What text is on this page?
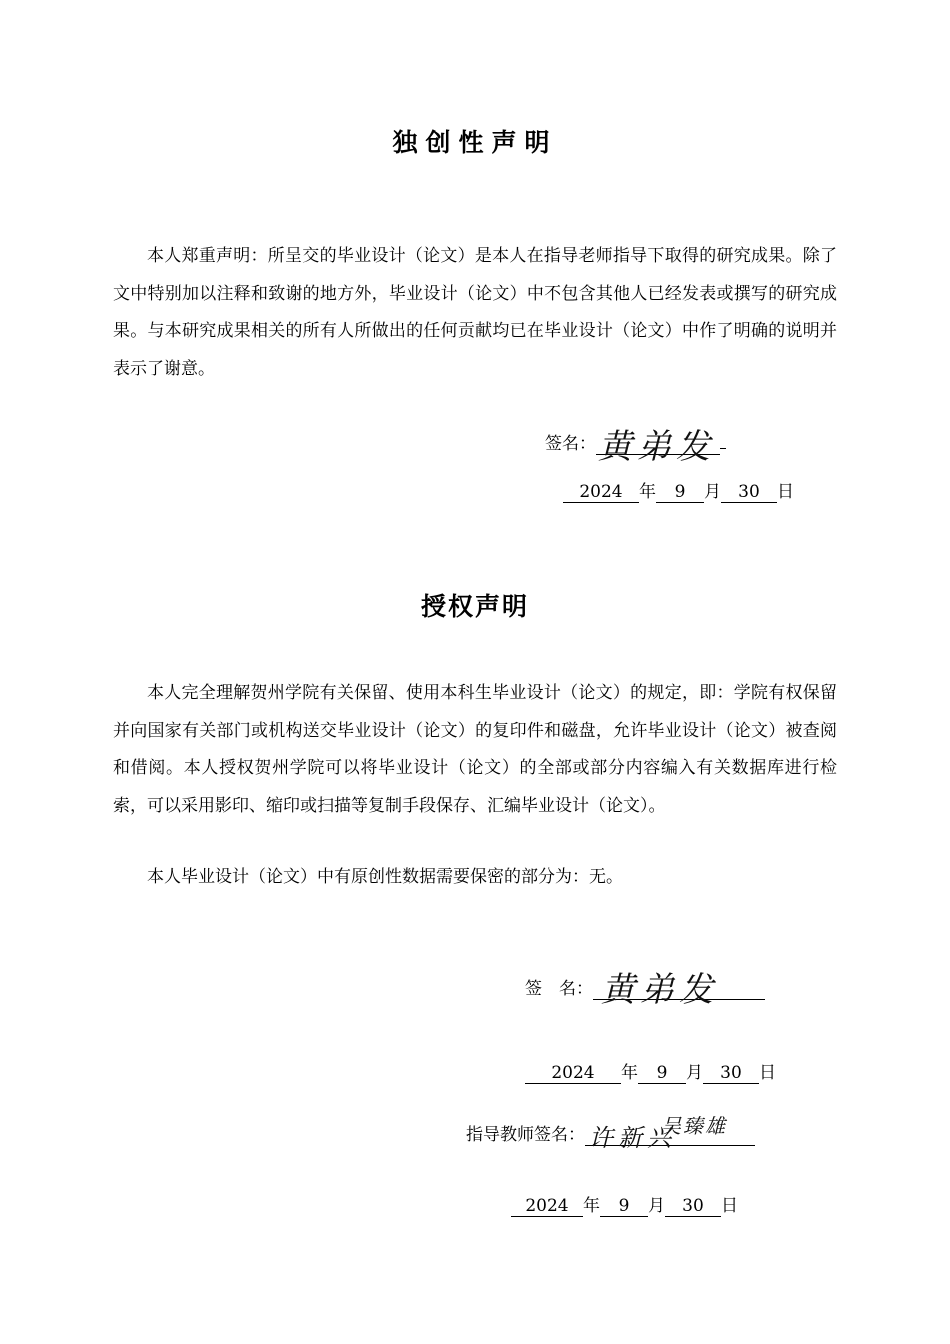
独创性声明

本人郑重声明：所呈交的毕业设计（论文）是本人在指导老师指导下取得的研究成果。除了文中特别加以注释和致谢的地方外，毕业设计（论文）中不包含其他人已经发表或撰写的研究成果。与本研究成果相关的所有人所做出的任何贡献均已在毕业设计（论文）中作了明确的说明并表示了谢意。

签名： 黄弟发
2024 年 9 月 30 日
授权声明

本人完全理解贺州学院有关保留、使用本科生毕业设计（论文）的规定，即：学院有权保留并向国家有关部门或机构送交毕业设计（论文）的复印件和磁盘，允许毕业设计（论文）被查阅和借阅。本人授权贺州学院可以将毕业设计（论文）的全部或部分内容编入有关数据库进行检索，可以采用影印、缩印或扫描等复制手段保存、汇编毕业设计（论文）。

本人毕业设计（论文）中有原创性数据需要保密的部分为：无。

签　名： 黄弟发
2024 年 9 月 30 日
指导教师签名： 许新兴
吴臻雄
2024 年 9 月 30 日
